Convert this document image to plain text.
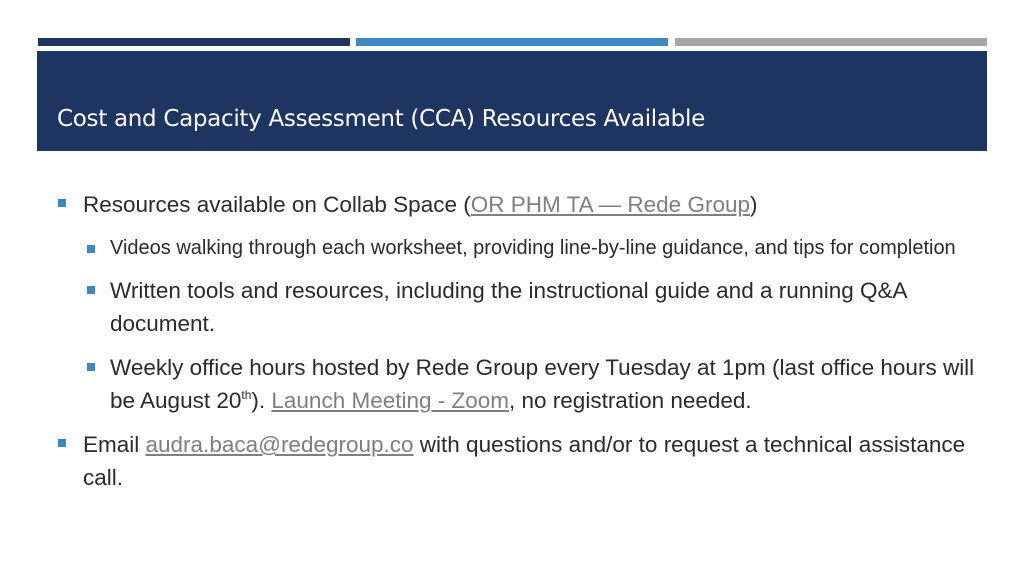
Cost and Capacity Assessment (CCA) Resources Available
Resources available on Collab Space (OR PHM TA — Rede Group)
Videos walking through each worksheet, providing line-by-line guidance, and tips for completion
Written tools and resources, including the instructional guide and a running Q&A document.
Weekly office hours hosted by Rede Group every Tuesday at 1pm (last office hours will be August 20th). Launch Meeting - Zoom, no registration needed.
Email audra.baca@redegroup.co with questions and/or to request a technical assistance call.
